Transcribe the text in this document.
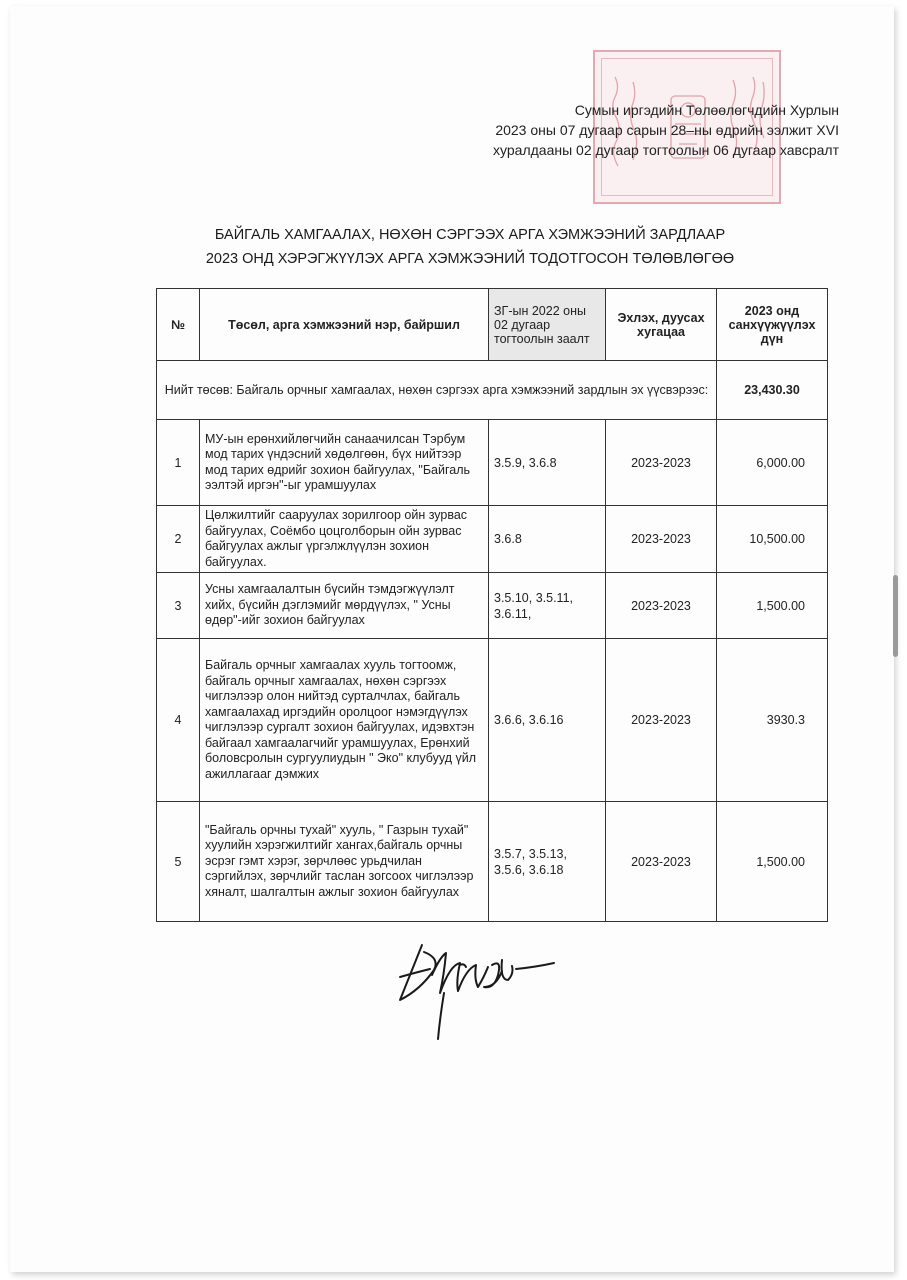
Сумын иргэдийн Төлөөлөгчдийн Хурлын
2023 оны 07 дугаар сарын 28–ны өдрийн ээлжит XVI
хуралдааны 02 дугаар тогтоолын 06 дугаар хавсралт
БАЙГАЛЬ ХАМГААЛАХ, НӨХӨН СЭРГЭЭХ АРГА ХЭМЖЭЭНИЙ ЗАРДЛААР
2023 ОНД ХЭРЭГЖҮҮЛЭХ АРГА ХЭМЖЭЭНИЙ ТОДОТГОСОН ТӨЛӨВЛӨГӨӨ
№	Төсөл, арга хэмжээний нэр, байршил	ЗГ-ын 2022 оны 02 дугаар тогтоолын заалт	Эхлэх, дуусах хугацаа	2023 онд санхүүжүүлэх дүн
Нийт төсөв: Байгаль орчныг хамгаалах, нөхөн сэргээх арга хэмжээний зардлын эх үүсвэрээс:				23,430.30
1	МУ-ын ерөнхийлөгчийн санаачилсан Тэрбум мод тарих үндэсний хөдөлгөөн, бүх нийтээр мод тарих өдрийг зохион байгуулах, "Байгаль ээлтэй иргэн"-ыг урамшуулах	3.5.9, 3.6.8	2023-2023	6,000.00
2	Цөлжилтийг сааруулах зорилгоор ойн зурвас байгуулах, Соёмбо цоцголборын ойн зурвас байгуулах ажлыг үргэлжлүүлэн зохион байгуулах.	3.6.8	2023-2023	10,500.00
3	Усны хамгаалалтын бүсийн тэмдэгжүүлэлт хийх, бүсийн дэглэмийг мөрдүүлэх, " Усны өдөр"-ийг зохион байгуулах	3.5.10, 3.5.11, 3.6.11,	2023-2023	1,500.00
4	Байгаль орчныг хамгаалах хууль тогтоомж, байгаль орчныг хамгаалах, нөхөн сэргээх чиглэлээр олон нийтэд сурталчлах, байгаль хамгаалахад иргэдийн оролцоог нэмэгдүүлэх чиглэлээр сургалт зохион байгуулах, идэвхтэн байгаал хамгаалагчийг урамшуулах, Ерөнхий боловсролын сургуулиудын " Эко" клубууд үйл ажиллагааг дэмжих	3.6.6, 3.6.16	2023-2023	3930.3
5	"Байгаль орчны тухай" хууль, " Газрын тухай" хуулийн хэрэгжилтийг хангах,байгаль орчны эсрэг гэмт хэрэг, зөрчлөөс урьдчилан сэргийлэх, зөрчлийг таслан зогсоох чиглэлээр хяналт, шалгалтын ажлыг зохион байгуулах	3.5.7, 3.5.13, 3.5.6, 3.6.18	2023-2023	1,500.00
